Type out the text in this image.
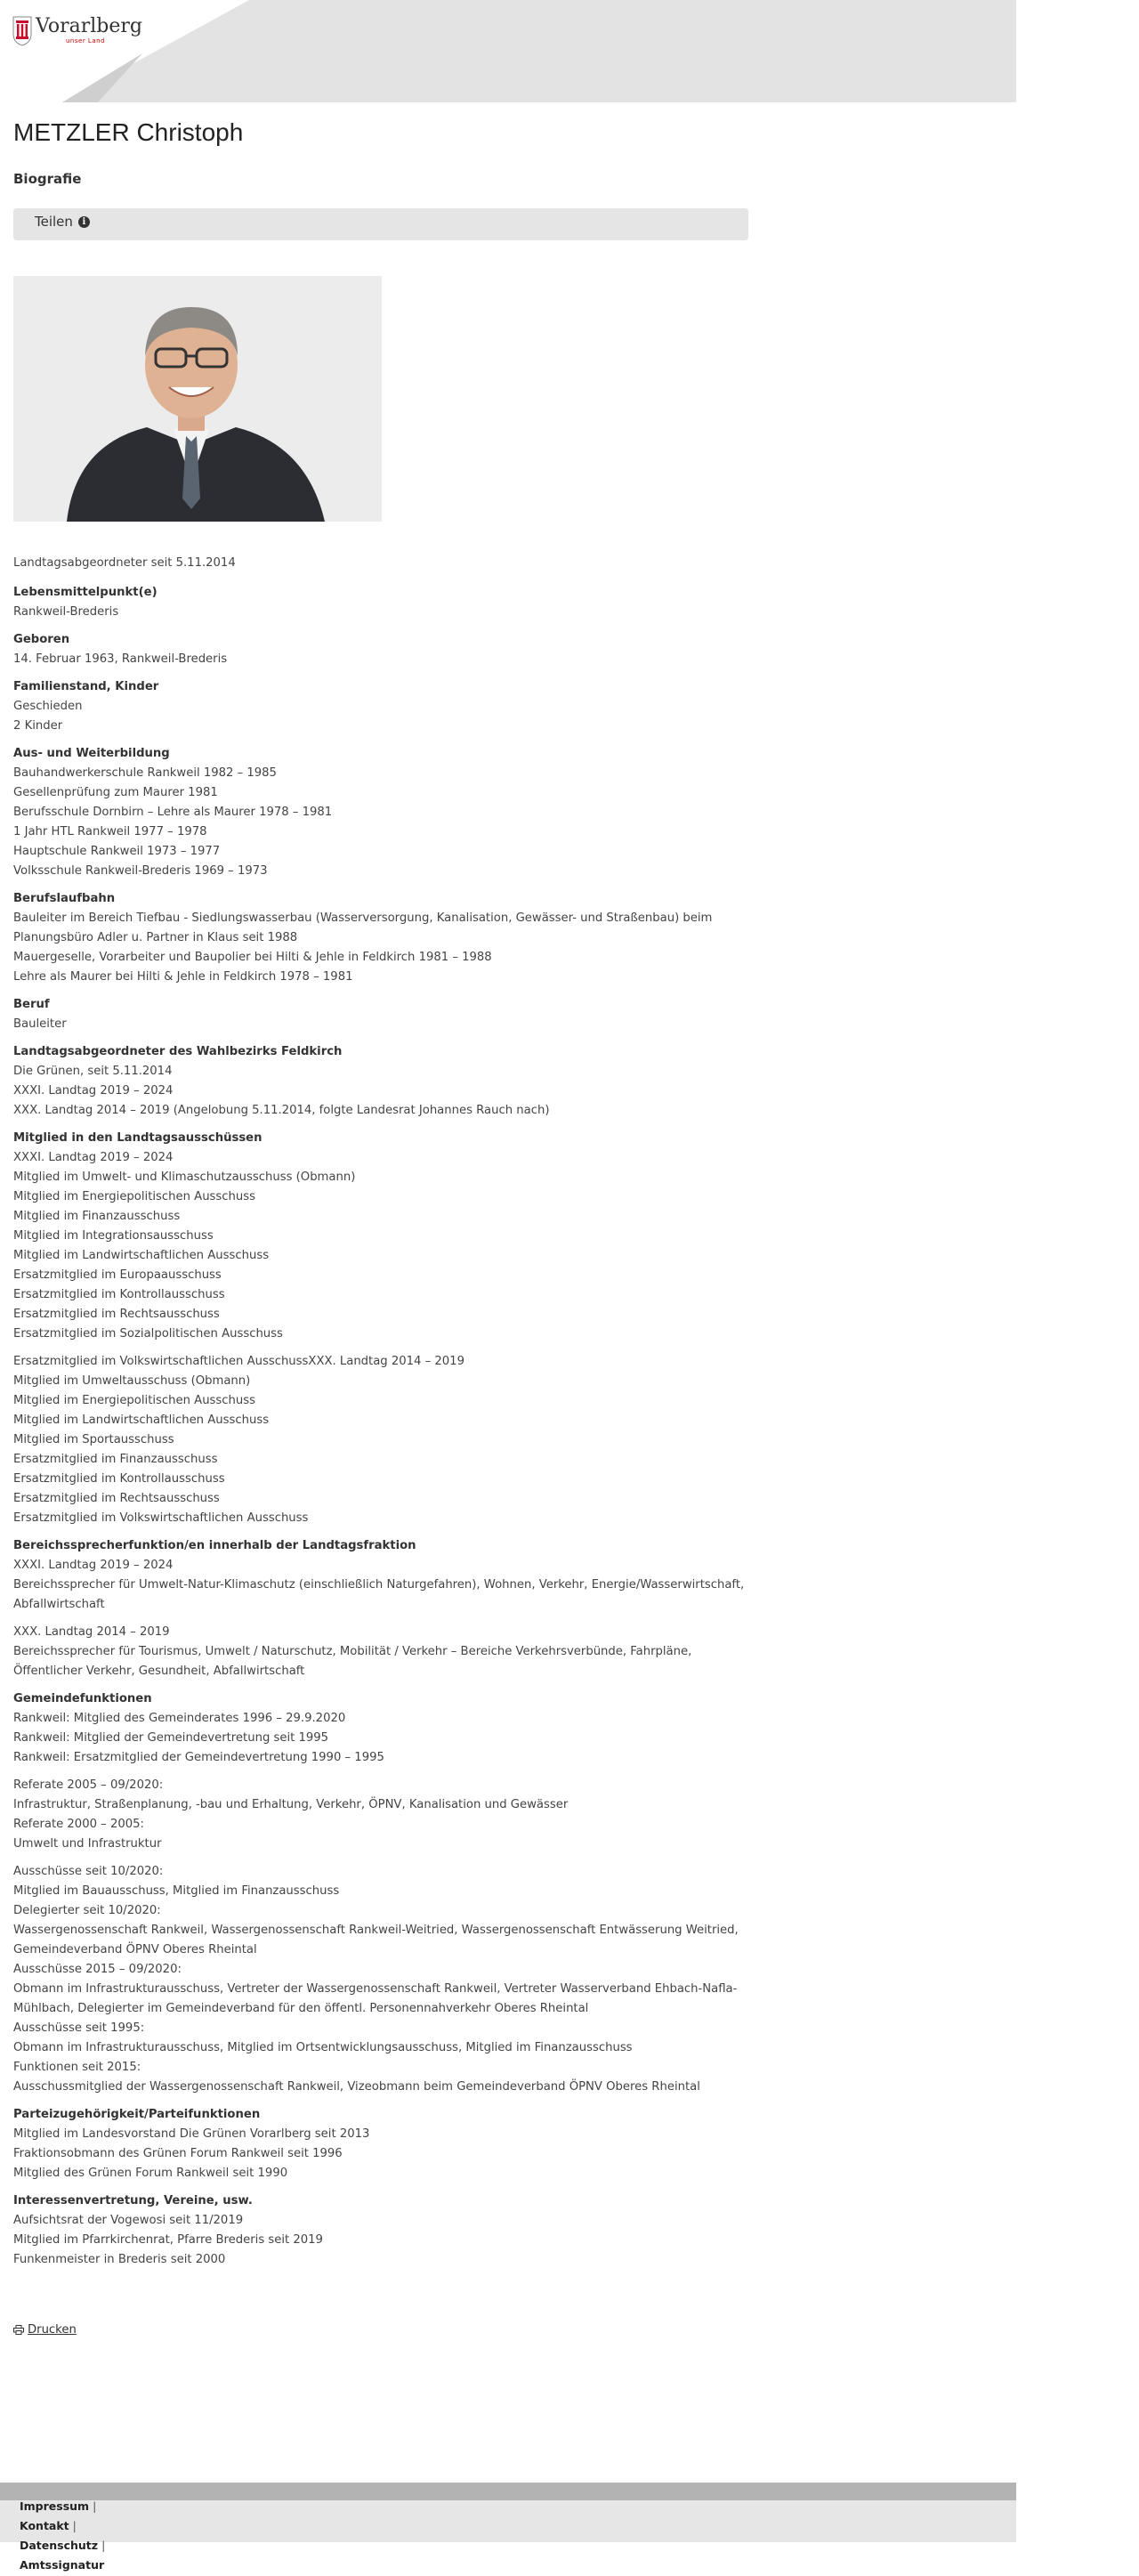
Vorarlberg
unser Land
METZLER Christoph
Biografie
Teilen	i
Landtagsabgeordneter seit 5.11.2014
Lebensmittelpunkt(e)
Rankweil-Brederis
Geboren
14. Februar 1963, Rankweil-Brederis
Familienstand, Kinder
Geschieden
2 Kinder
Aus- und Weiterbildung
Bauhandwerkerschule Rankweil 1982 – 1985
Gesellenprüfung zum Maurer 1981
Berufsschule Dornbirn – Lehre als Maurer 1978 – 1981
1 Jahr HTL Rankweil 1977 – 1978
Hauptschule Rankweil 1973 – 1977
Volksschule Rankweil-Brederis 1969 – 1973
Berufslaufbahn
Bauleiter im Bereich Tiefbau - Siedlungswasserbau (Wasserversorgung, Kanalisation, Gewässer- und Straßenbau) beim Planungsbüro Adler u. Partner in Klaus seit 1988
Mauergeselle, Vorarbeiter und Baupolier bei Hilti & Jehle in Feldkirch 1981 – 1988
Lehre als Maurer bei Hilti & Jehle in Feldkirch 1978 – 1981
Beruf
Bauleiter
Landtagsabgeordneter des Wahlbezirks Feldkirch
Die Grünen, seit 5.11.2014
XXXI. Landtag 2019 – 2024
XXX. Landtag 2014 – 2019 (Angelobung 5.11.2014, folgte Landesrat Johannes Rauch nach)
Mitglied in den Landtagsausschüssen
XXXI. Landtag 2019 – 2024
Mitglied im Umwelt- und Klimaschutzausschuss (Obmann)
Mitglied im Energiepolitischen Ausschuss
Mitglied im Finanzausschuss
Mitglied im Integrationsausschuss
Mitglied im Landwirtschaftlichen Ausschuss
Ersatzmitglied im Europaausschuss
Ersatzmitglied im Kontrollausschuss
Ersatzmitglied im Rechtsausschuss
Ersatzmitglied im Sozialpolitischen Ausschuss
Ersatzmitglied im Volkswirtschaftlichen AusschussXXX. Landtag 2014 – 2019
Mitglied im Umweltausschuss (Obmann)
Mitglied im Energiepolitischen Ausschuss
Mitglied im Landwirtschaftlichen Ausschuss
Mitglied im Sportausschuss
Ersatzmitglied im Finanzausschuss
Ersatzmitglied im Kontrollausschuss
Ersatzmitglied im Rechtsausschuss
Ersatzmitglied im Volkswirtschaftlichen Ausschuss
Bereichssprecherfunktion/en innerhalb der Landtagsfraktion
XXXI. Landtag 2019 – 2024
Bereichssprecher für Umwelt-Natur-Klimaschutz (einschließlich Naturgefahren), Wohnen, Verkehr, Energie/Wasserwirtschaft, Abfallwirtschaft
XXX. Landtag 2014 – 2019
Bereichssprecher für Tourismus, Umwelt / Naturschutz, Mobilität / Verkehr – Bereiche Verkehrsverbünde, Fahrpläne, Öffentlicher Verkehr, Gesundheit, Abfallwirtschaft
Gemeindefunktionen
Rankweil: Mitglied des Gemeinderates 1996 – 29.9.2020
Rankweil: Mitglied der Gemeindevertretung seit 1995
Rankweil: Ersatzmitglied der Gemeindevertretung 1990 – 1995
Referate 2005 – 09/2020:
Infrastruktur, Straßenplanung, -bau und Erhaltung, Verkehr, ÖPNV, Kanalisation und Gewässer
Referate 2000 – 2005:
Umwelt und Infrastruktur
Ausschüsse seit 10/2020:
Mitglied im Bauausschuss, Mitglied im Finanzausschuss
Delegierter seit 10/2020:
Wassergenossenschaft Rankweil, Wassergenossenschaft Rankweil-Weitried, Wassergenossenschaft Entwässerung Weitried, Gemeindeverband ÖPNV Oberes Rheintal
Ausschüsse 2015 – 09/2020:
Obmann im Infrastrukturausschuss, Vertreter der Wassergenossenschaft Rankweil, Vertreter Wasserverband Ehbach-Nafla-Mühlbach, Delegierter im Gemeindeverband für den öffentl. Personennahverkehr Oberes Rheintal
Ausschüsse seit 1995:
Obmann im Infrastrukturausschuss, Mitglied im Ortsentwicklungsausschuss, Mitglied im Finanzausschuss
Funktionen seit 2015:
Ausschussmitglied der Wassergenossenschaft Rankweil, Vizeobmann beim Gemeindeverband ÖPNV Oberes Rheintal
Parteizugehörigkeit/Parteifunktionen
Mitglied im Landesvorstand Die Grünen Vorarlberg seit 2013
Fraktionsobmann des Grünen Forum Rankweil seit 1996
Mitglied des Grünen Forum Rankweil seit 1990
Interessenvertretung, Vereine, usw.
Aufsichtsrat der Vogewosi seit 11/2019
Mitglied im Pfarrkirchenrat, Pfarre Brederis seit 2019
Funkenmeister in Brederis seit 2000
Drucken
Impressum |
Kontakt |
Datenschutz |
Amtssignatur
